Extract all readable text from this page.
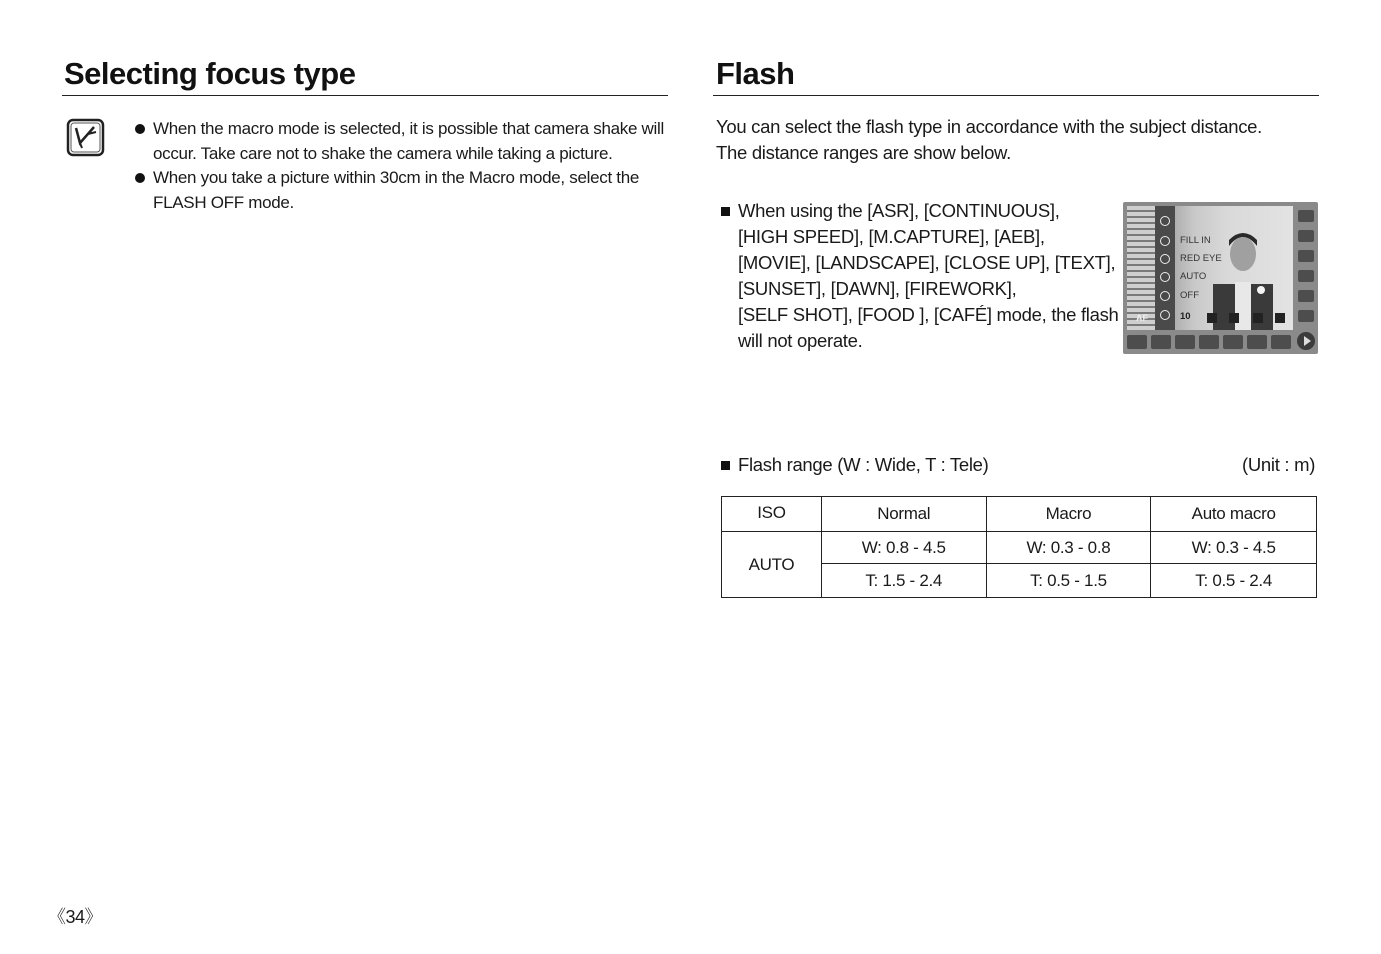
Selecting focus type
When the macro mode is selected, it is possible that camera shake will
occur. Take care not to shake the camera while taking a picture.
When you take a picture within 30cm in the Macro mode, select the
FLASH OFF mode.
Flash
You can select the flash type in accordance with the subject distance.
The distance ranges are show below.
When using the [ASR], [CONTINUOUS],
[HIGH SPEED], [M.CAPTURE], [AEB],
[MOVIE], [LANDSCAPE], [CLOSE UP], [TEXT],
[SUNSET], [DAWN], [FIREWORK],
[SELF SHOT], [FOOD ], [CAFÉ] mode, the flash
will not operate.
FILL IN
RED EYE
AUTO
OFF
AF	10
Flash range (W : Wide, T : Tele)	(Unit : m)
ISO	Normal	Macro	Auto macro
AUTO	W: 0.8 - 4.5	W: 0.3 - 0.8	W: 0.3 - 4.5
	T: 1.5 - 2.4	T: 0.5 - 1.5	T: 0.5 - 2.4
《34》
